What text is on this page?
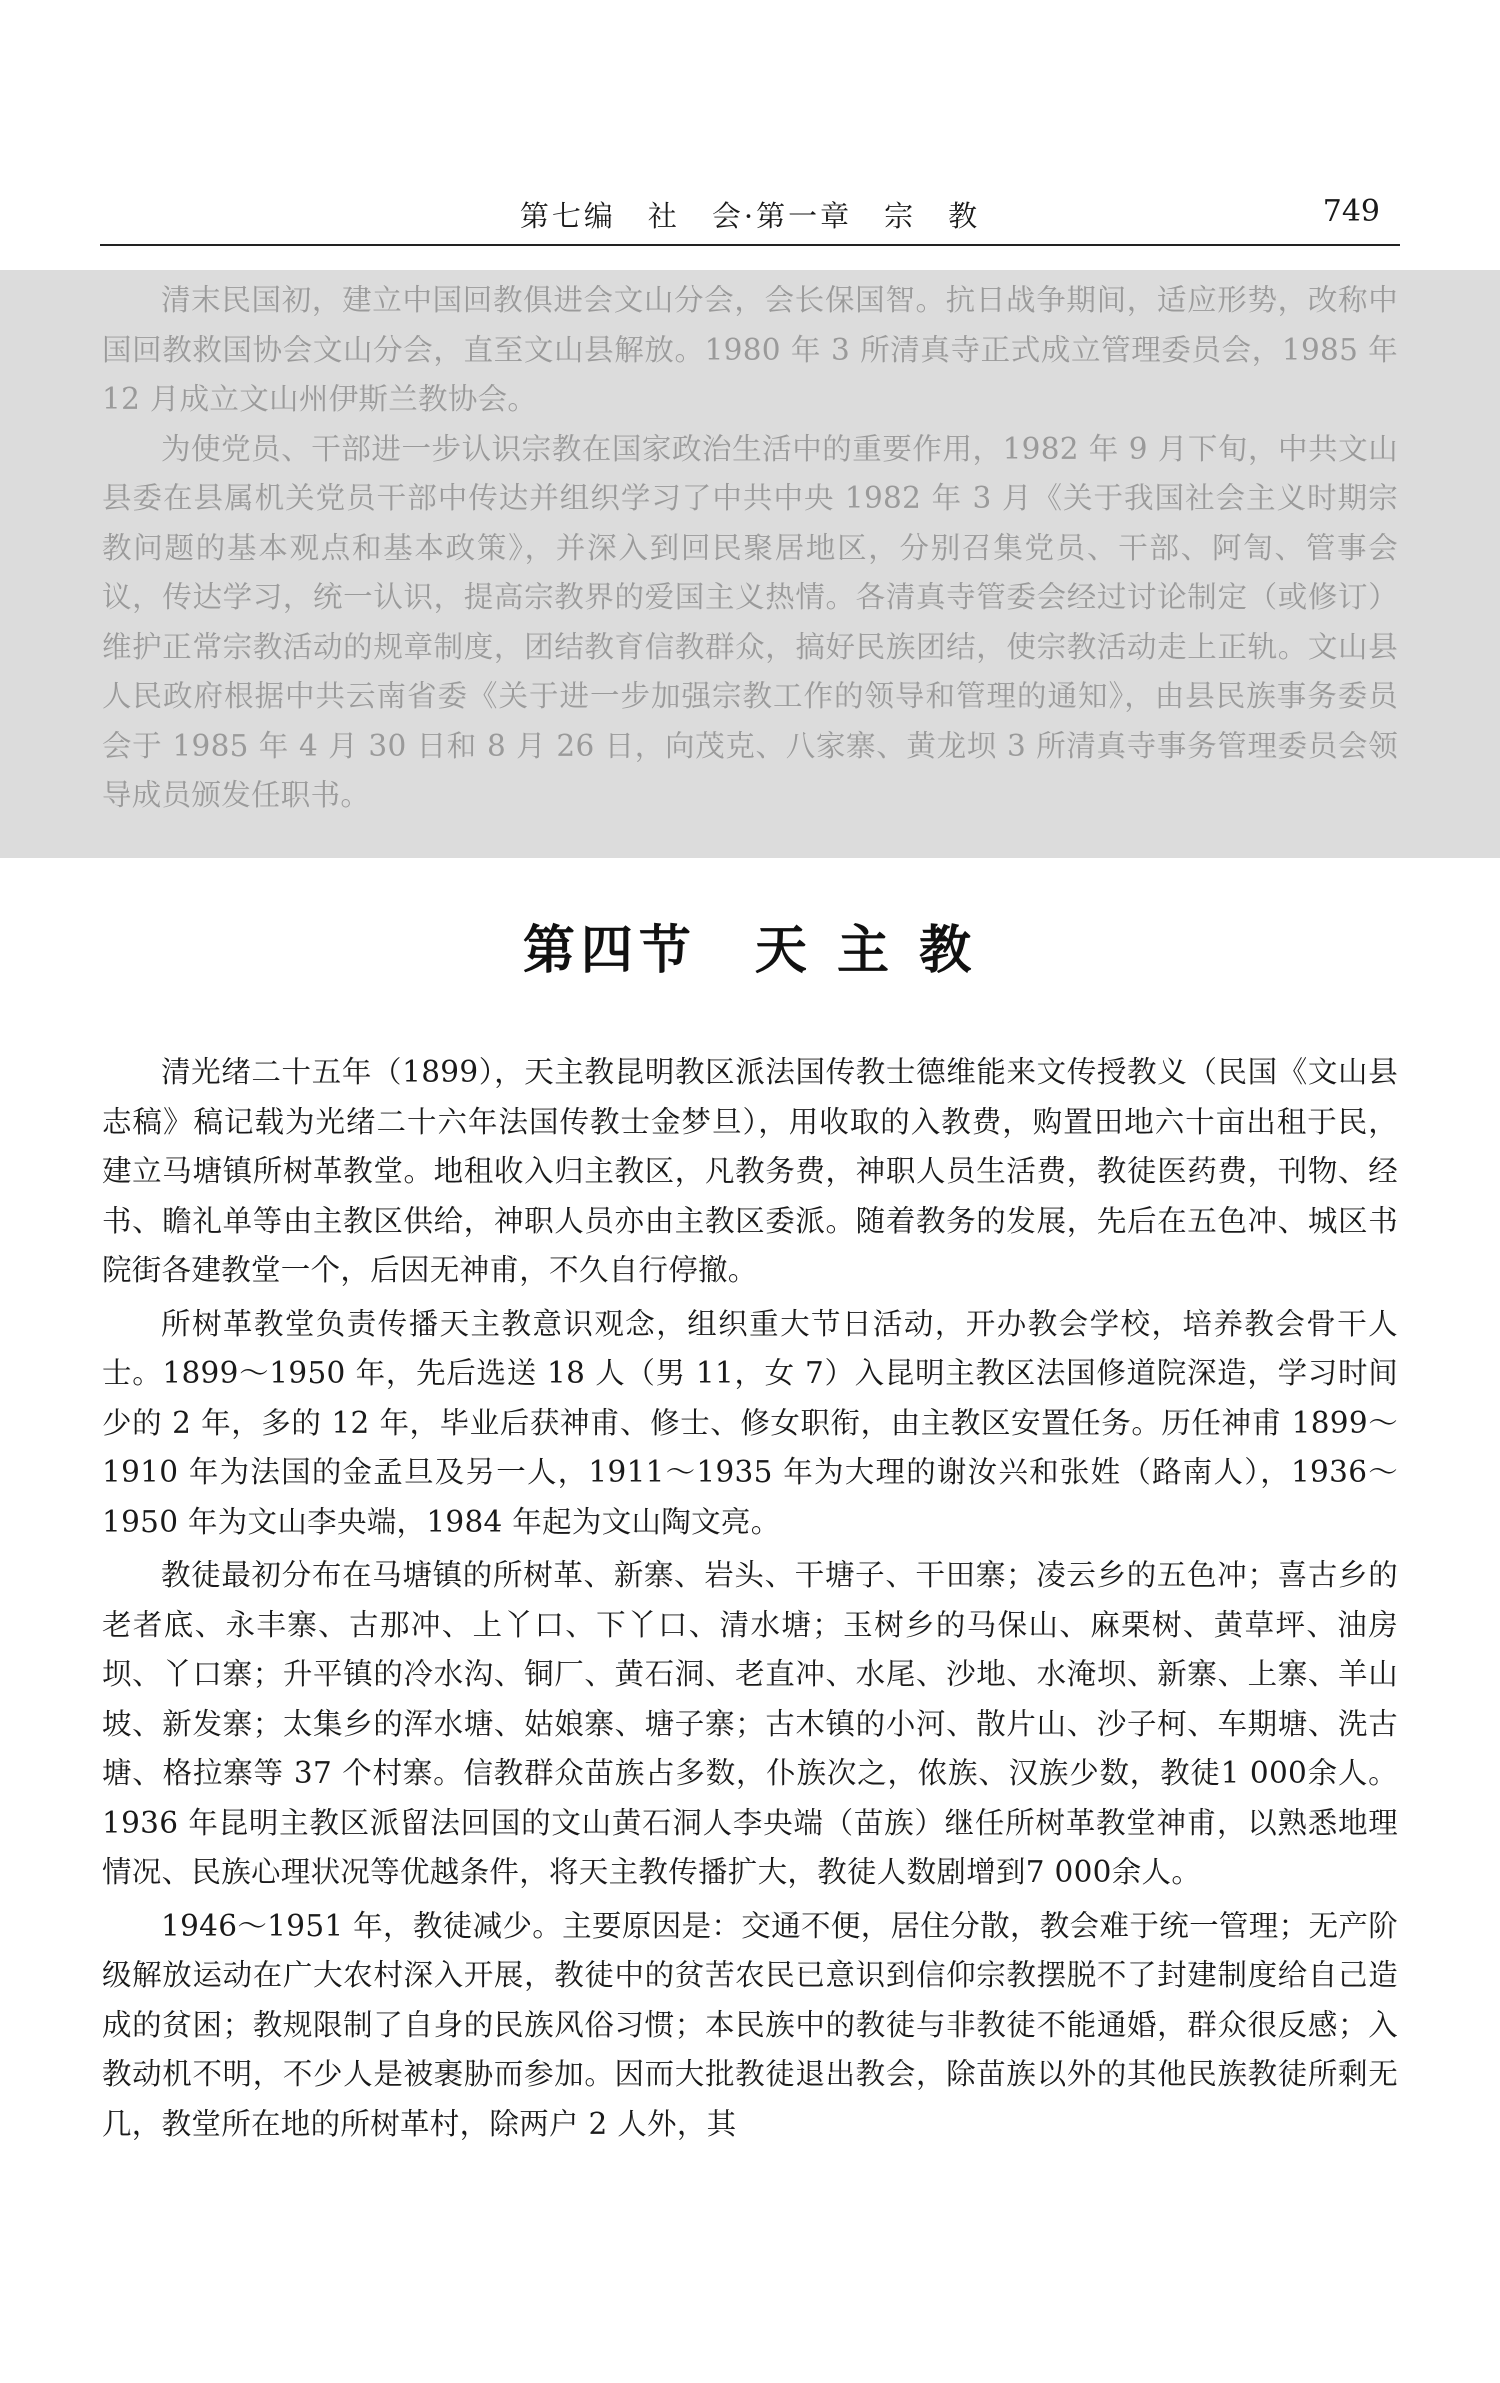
第七编　社　会·第一章　宗　教	749

清末民国初，建立中国回教俱进会文山分会，会长保国智。抗日战争期间，适应形势，改称中国回教救国协会文山分会，直至文山县解放。1980 年 3 所清真寺正式成立管理委员会，1985 年 12 月成立文山州伊斯兰教协会。

为使党员、干部进一步认识宗教在国家政治生活中的重要作用，1982 年 9 月下旬，中共文山县委在县属机关党员干部中传达并组织学习了中共中央 1982 年 3 月《关于我国社会主义时期宗教问题的基本观点和基本政策》，并深入到回民聚居地区，分别召集党员、干部、阿訇、管事会议，传达学习，统一认识，提高宗教界的爱国主义热情。各清真寺管委会经过讨论制定（或修订）维护正常宗教活动的规章制度，团结教育信教群众，搞好民族团结，使宗教活动走上正轨。文山县人民政府根据中共云南省委《关于进一步加强宗教工作的领导和管理的通知》，由县民族事务委员会于 1985 年 4 月 30 日和 8 月 26 日，向茂克、八家寨、黄龙坝 3 所清真寺事务管理委员会领导成员颁发任职书。

第四节　天 主 教

清光绪二十五年（1899），天主教昆明教区派法国传教士德维能来文传授教义（民国《文山县志稿》稿记载为光绪二十六年法国传教士金梦旦），用收取的入教费，购置田地六十亩出租于民，建立马塘镇所树革教堂。地租收入归主教区，凡教务费，神职人员生活费，教徒医药费，刊物、经书、瞻礼单等由主教区供给，神职人员亦由主教区委派。随着教务的发展，先后在五色冲、城区书院街各建教堂一个，后因无神甫，不久自行停撤。

所树革教堂负责传播天主教意识观念，组织重大节日活动，开办教会学校，培养教会骨干人士。1899～1950 年，先后选送 18 人（男 11，女 7）入昆明主教区法国修道院深造，学习时间少的 2 年，多的 12 年，毕业后获神甫、修士、修女职衔，由主教区安置任务。历任神甫 1899～1910 年为法国的金孟旦及另一人，1911～1935 年为大理的谢汝兴和张姓（路南人），1936～1950 年为文山李央端，1984 年起为文山陶文亮。

教徒最初分布在马塘镇的所树革、新寨、岩头、干塘子、干田寨；凌云乡的五色冲；喜古乡的老者底、永丰寨、古那冲、上丫口、下丫口、清水塘；玉树乡的马保山、麻栗树、黄草坪、油房坝、丫口寨；升平镇的冷水沟、铜厂、黄石洞、老直冲、水尾、沙地、水淹坝、新寨、上寨、羊山坡、新发寨；太集乡的浑水塘、姑娘寨、塘子寨；古木镇的小河、散片山、沙子柯、车期塘、洗古塘、格拉寨等 37 个村寨。信教群众苗族占多数，仆族次之，侬族、汉族少数，教徒1 000余人。1936 年昆明主教区派留法回国的文山黄石洞人李央端（苗族）继任所树革教堂神甫，以熟悉地理情况、民族心理状况等优越条件，将天主教传播扩大，教徒人数剧增到7 000余人。

1946～1951 年，教徒减少。主要原因是：交通不便，居住分散，教会难于统一管理；无产阶级解放运动在广大农村深入开展，教徒中的贫苦农民已意识到信仰宗教摆脱不了封建制度给自己造成的贫困；教规限制了自身的民族风俗习惯；本民族中的教徒与非教徒不能通婚，群众很反感；入教动机不明，不少人是被裹胁而参加。因而大批教徒退出教会，除苗族以外的其他民族教徒所剩无几，教堂所在地的所树革村，除两户 2 人外，其
